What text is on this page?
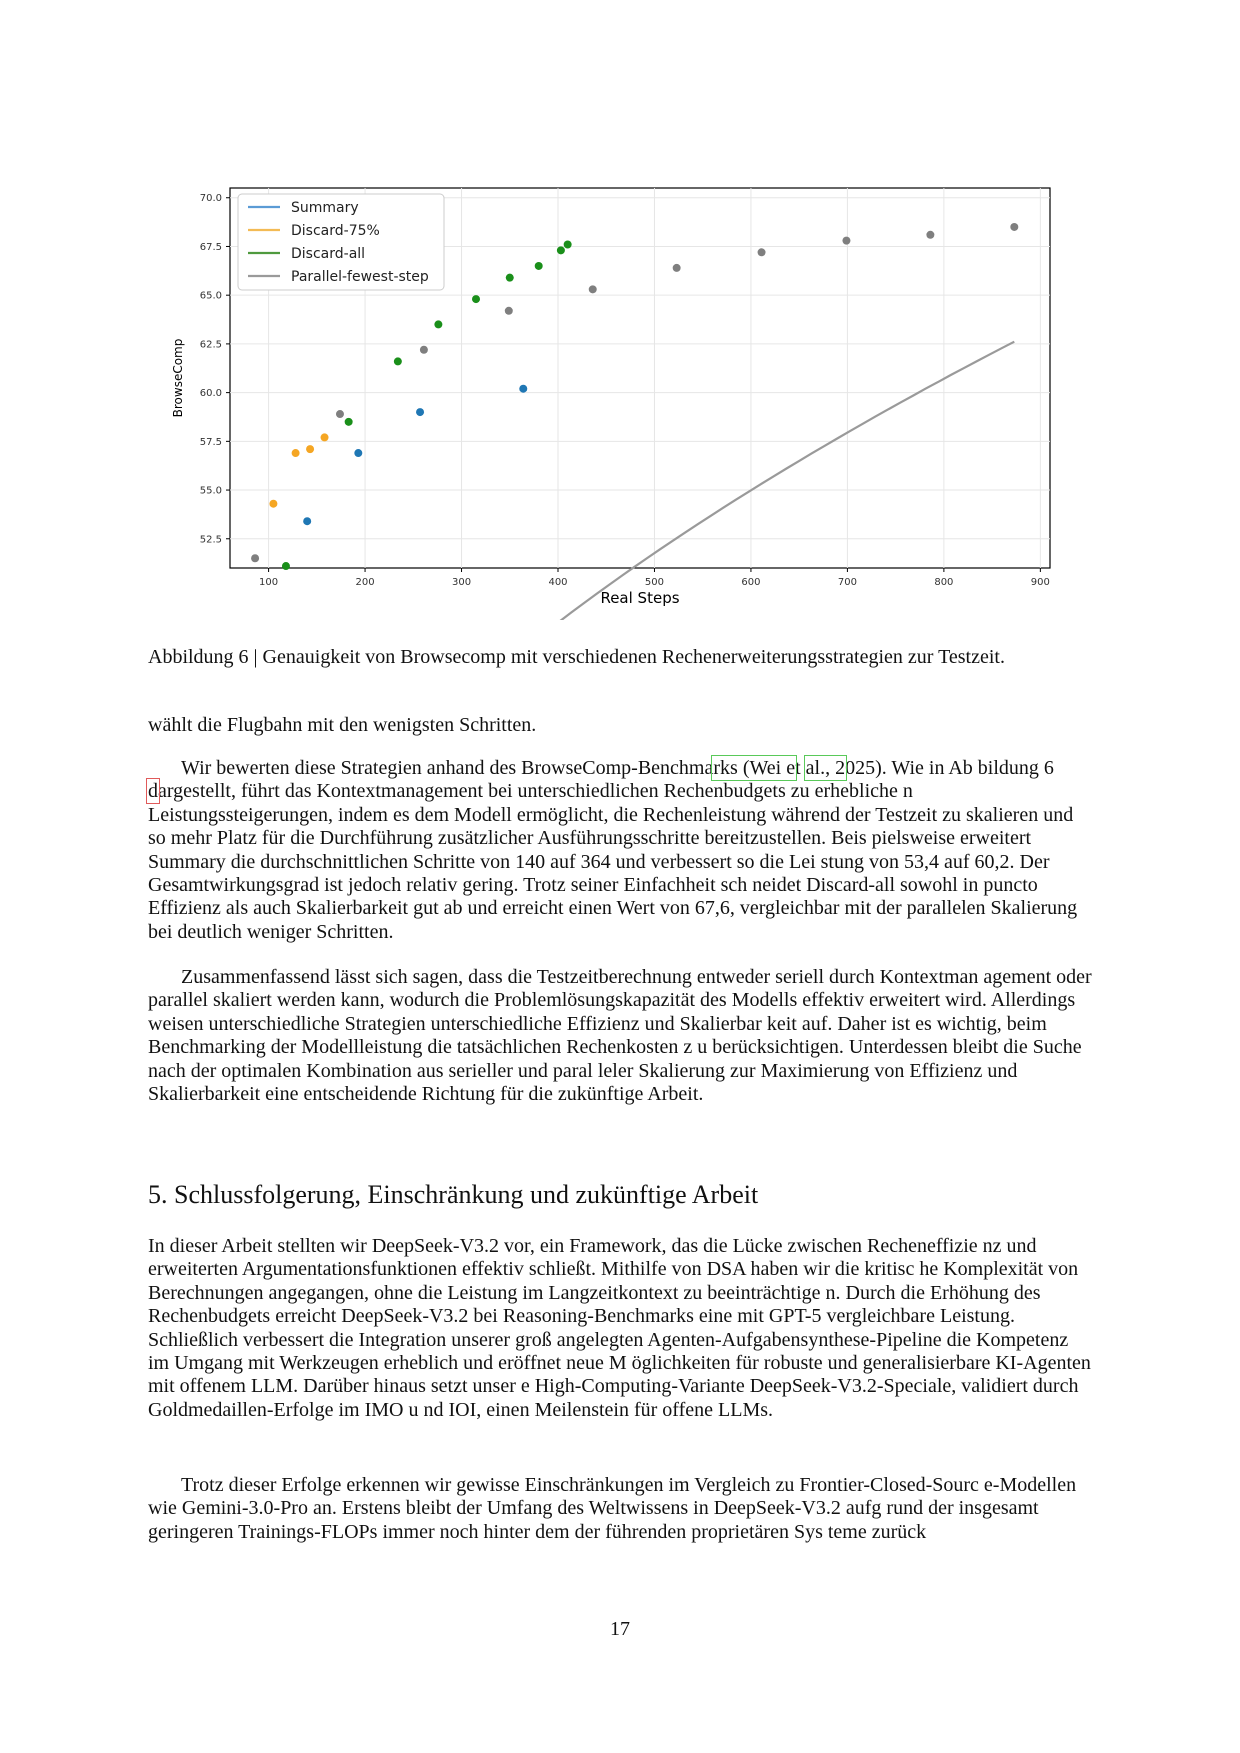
100	200	300	400	500	600	700	800	900
52.5
55.0
57.5
60.0
62.5
65.0
67.5
70.0
Real Steps
BrowseComp
Summary
Discard-75%
Discard-all
Parallel-fewest-step
Abbildung 6 | Genauigkeit von Browsecomp mit verschiedenen Rechenerweiterungsstrategien zur Testzeit.

wählt die Flugbahn mit den wenigsten Schritten.

Wir bewerten diese Strategien anhand des BrowseComp-Benchmarks (Wei et al., 2025). Wie in Ab bildung 6 dargestellt, führt das Kontextmanagement bei unterschiedlichen Rechenbudgets zu erhebliche n Leistungssteigerungen, indem es dem Modell ermöglicht, die Rechenleistung während der Testzeit zu skalieren und so mehr Platz für die Durchführung zusätzlicher Ausführungsschritte bereitzustellen. Beis pielsweise erweitert Summary die durchschnittlichen Schritte von 140 auf 364 und verbessert so die Lei stung von 53,4 auf 60,2. Der Gesamtwirkungsgrad ist jedoch relativ gering. Trotz seiner Einfachheit sch neidet Discard-all sowohl in puncto Effizienz als auch Skalierbarkeit gut ab und erreicht einen Wert von 67,6, vergleichbar mit der parallelen Skalierung bei deutlich weniger Schritten.

Zusammenfassend lässt sich sagen, dass die Testzeitberechnung entweder seriell durch Kontextman agement oder parallel skaliert werden kann, wodurch die Problemlösungskapazität des Modells effektiv erweitert wird. Allerdings weisen unterschiedliche Strategien unterschiedliche Effizienz und Skalierbar keit auf. Daher ist es wichtig, beim Benchmarking der Modellleistung die tatsächlichen Rechenkosten z u berücksichtigen. Unterdessen bleibt die Suche nach der optimalen Kombination aus serieller und paral leler Skalierung zur Maximierung von Effizienz und Skalierbarkeit eine entscheidende Richtung für die zukünftige Arbeit.

5. Schlussfolgerung, Einschränkung und zukünftige Arbeit

In dieser Arbeit stellten wir DeepSeek-V3.2 vor, ein Framework, das die Lücke zwischen Recheneffizie nz und erweiterten Argumentationsfunktionen effektiv schließt. Mithilfe von DSA haben wir die kritisc he Komplexität von Berechnungen angegangen, ohne die Leistung im Langzeitkontext zu beeinträchtige n. Durch die Erhöhung des Rechenbudgets erreicht DeepSeek-V3.2 bei Reasoning-Benchmarks eine mit GPT-5 vergleichbare Leistung. Schließlich verbessert die Integration unserer groß angelegten Agenten-Aufgabensynthese-Pipeline die Kompetenz im Umgang mit Werkzeugen erheblich und eröffnet neue M öglichkeiten für robuste und generalisierbare KI-Agenten mit offenem LLM. Darüber hinaus setzt unser e High-Computing-Variante DeepSeek-V3.2-Speciale, validiert durch Goldmedaillen-Erfolge im IMO u nd IOI, einen Meilenstein für offene LLMs.

Trotz dieser Erfolge erkennen wir gewisse Einschränkungen im Vergleich zu Frontier-Closed-Sourc e-Modellen wie Gemini-3.0-Pro an. Erstens bleibt der Umfang des Weltwissens in DeepSeek-V3.2 aufg rund der insgesamt geringeren Trainings-FLOPs immer noch hinter dem der führenden proprietären Sys teme zurück

17
